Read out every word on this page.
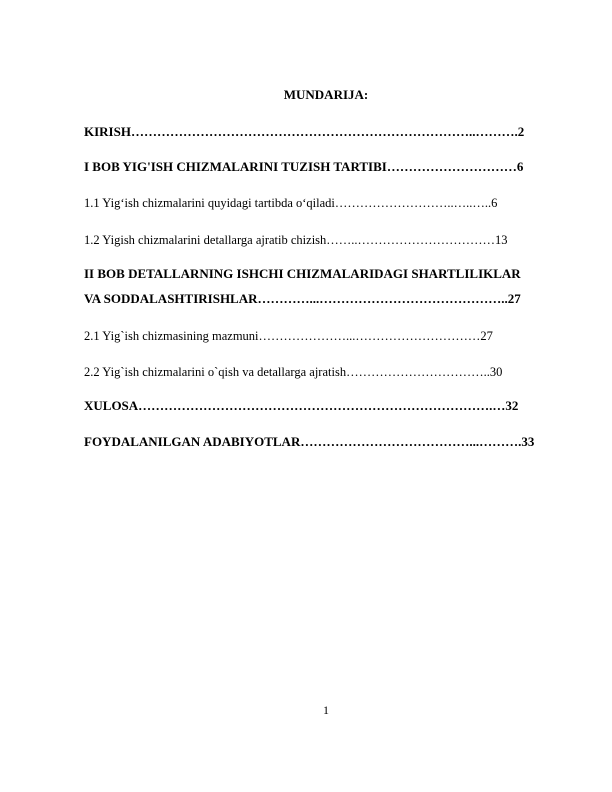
MUNDARIJA:
KIRISH……………………………………………………………………..……….2
I BOB YIG'ISH CHIZMALARINI TUZISH TARTIBI…………………………6
1.1 Yig‘ish chizmalarini quyidagi tartibda o‘qiladi………………………..…..…..6
1.2 Yigish chizmalarini detallarga ajratib chizish……..……………………………13
II BOB DETALLARNING ISHCHI CHIZMALARIDAGI SHARTLILIKLAR
VA SODDALASHTIRISHLAR…………...……………………………………..27
2.1 Yig`ish chizmasining mazmuni…………………...…………………………27
2.2 Yig`ish chizmalarini o`qish va detallarga ajratish……………………………..30
XULOSA……………………………………………………………………….…32
FOYDALANILGAN ADABIYOTLAR…………………………………...……….33
1
